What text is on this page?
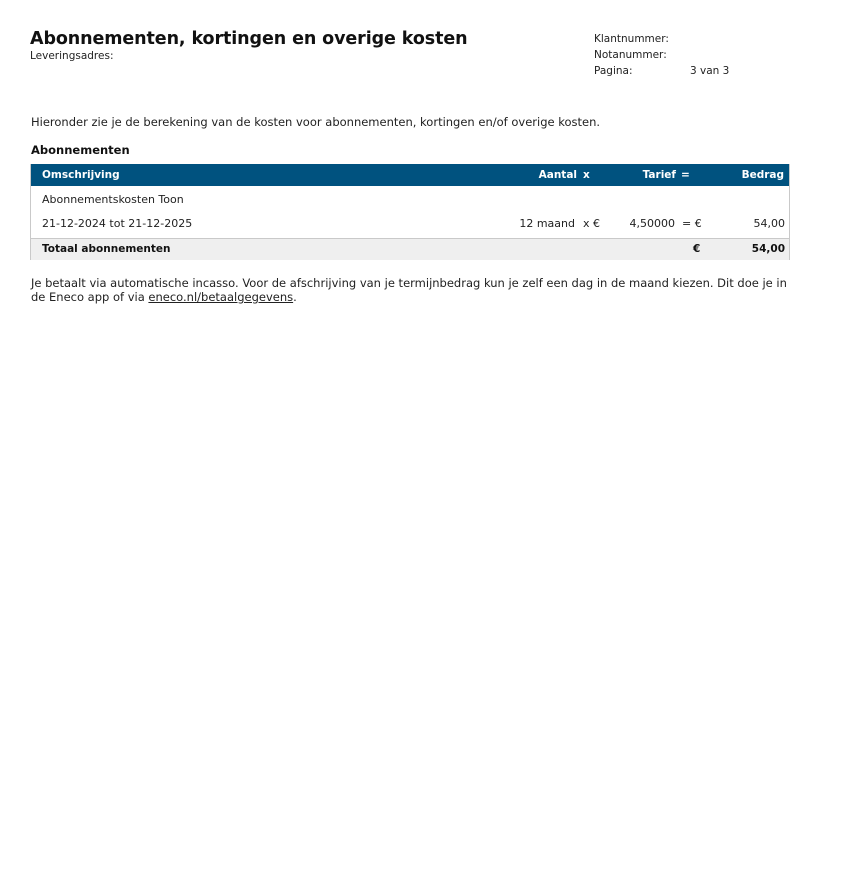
Abonnementen, kortingen en overige kosten
Leveringsadres:
Klantnummer:
Notanummer:
Pagina:	3 van 3
Hieronder zie je de berekening van de kosten voor abonnementen, kortingen en/of overige kosten.
Abonnementen
Omschrijving	Aantal x	Tarief =	Bedrag
Abonnementskosten Toon
21-12-2024 tot 21-12-2025	12 maand x €	4,50000 = €	54,00
Totaal abonnementen	€	54,00
Je betaalt via automatische incasso. Voor de afschrijving van je termijnbedrag kun je zelf een dag in de maand kiezen. Dit doe je in de Eneco app of via eneco.nl/betaalgegevens.
